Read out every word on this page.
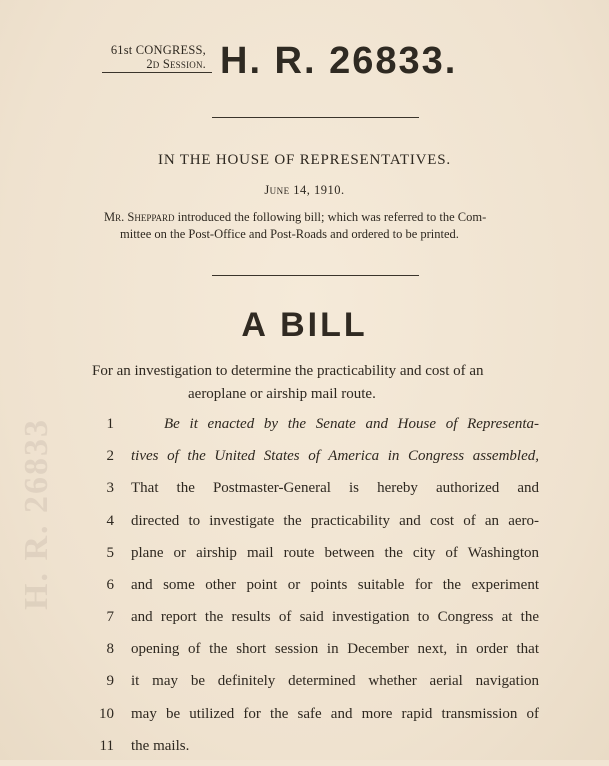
H. R. 26833
61st CONGRESS,
2d Session. H. R. 26833.
IN THE HOUSE OF REPRESENTATIVES.
June 14, 1910.
Mr. Sheppard introduced the following bill; which was referred to the Com-
mittee on the Post-Office and Post-Roads and ordered to be printed.
A BILL
For an investigation to determine the practicability and cost of an
aeroplane or airship mail route.
1	Be it enacted by the Senate and House of Representa-
2 tives of the United States of America in Congress assembled,
3 That the Postmaster-General is hereby authorized and
4 directed to investigate the practicability and cost of an aero-
5 plane or airship mail route between the city of Washington
6 and some other point or points suitable for the experiment
7 and report the results of said investigation to Congress at the
8 opening of the short session in December next, in order that
9 it may be definitely determined whether aerial navigation
10 may be utilized for the safe and more rapid transmission of
11 the mails.
